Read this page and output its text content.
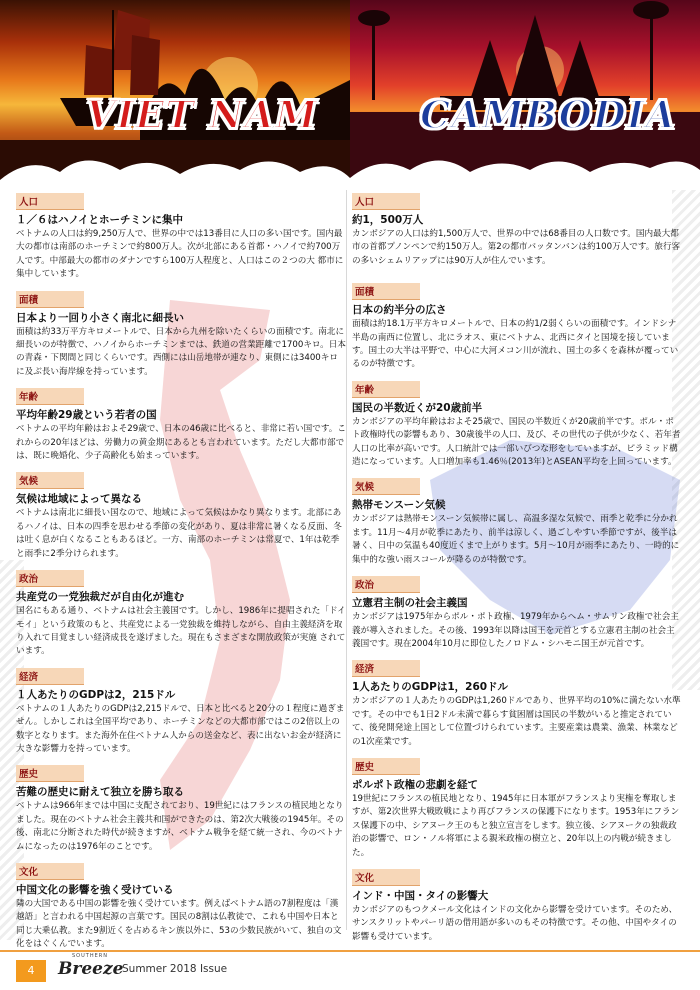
VIET NAM	CAMBODIA
人口
１／６はハノイとホーチミンに集中

ベトナムの人口は約9,250万人で、世界の中では13番目に人口の多い国です。国内最大の都市は南部のホーチミンで約800万人。次が北部にある首都・ハノイで約700万人です。中部最大の都市のダナンですら100万人程度と、人口はこの２つの大 都市に集中しています。

面積
日本より一回り小さく南北に細長い

面積は約33万平方キロメートルで、日本から九州を除いたくらいの面積です。南北に細長いのが特徴で、ハノイからホーチミンまでは、鉄道の営業距離で1700キロ。日本の青森・下関間と同じくらいです。西側には山岳地帯が連なり、東側には3400キロに及ぶ長い海岸線を持っています。

年齢
平均年齢29歳という若者の国

ベトナムの平均年齢はおよそ29歳で、日本の46歳に比べると、非常に若い国です。これからの20年ほどは、労働力の黄金期にあるとも言われています。ただし大都市部では、既に晩婚化、少子高齢化も始まっています。

気候
気候は地域によって異なる

ベトナムは南北に細長い国なので、地域によって気候はかなり異なります。北部にあるハノイは、日本の四季を思わせる季節の変化があり、夏は非常に暑くなる反面、冬は吐く息が白くなることもあるほど。一方、南部のホーチミンは常夏で、1年は乾季と雨季に2季分けられます。

政治
共産党の一党独裁だが自由化が進む

国名にもある通り、ベトナムは社会主義国です。しかし、1986年に提唱された「ドイモイ」という政策のもと、共産党による一党独裁を維持しながら、自由主義経済を取り入れて目覚ましい経済成長を遂げました。現在もさまざまな開放政策が実施 されています。

経済
１人あたりのGDPは2，215ドル

ベトナムの１人あたりのGDPは2,215ドルで、日本と比べると20分の１程度に過ぎません。しかしこれは全国平均であり、ホーチミンなどの大都市部ではこの2倍以上の数字となります。また海外在住ベトナム人からの送金など、表に出ないお金が経済に大きな影響力を持っています。

歴史
苦難の歴史に耐えて独立を勝ち取る

ベトナムは966年までは中国に支配されており、19世紀にはフランスの植民地となりました。現在のベトナム社会主義共和国ができたのは、第2次大戦後の1945年。その後、南北に分断された時代が続きますが、ベトナム戦争を経て統一され、今のベトナムになったのは1976年のことです。

文化
中国文化の影響を強く受けている

隣の大国である中国の影響を強く受けています。例えばベトナム語の7割程度は「漢越語」と言われる中国起源の言葉です。国民の8割は仏教徒で、これも中国や日本と同じ大乗仏教。また9割近くを占めるキン族以外に、53の少数民族がいて、独自の文化をはぐくんでいます。

人口
約1，500万人

カンボジアの人口は約1,500万人で、世界の中では68番目の人口数です。国内最大都市の首都プノンペンで約150万人。第2の都市バッタンバンは約100万人です。旅行客の多いシェムリアップには90万人が住んでいます。

面積
日本の約半分の広さ

面積は約18.1万平方キロメートルで、日本の約1/2弱くらいの面積です。インドシナ半島の南西に位置し、北にラオス、東にベトナム、北西にタイと国境を接しています。国土の大半は平野で、中心に大河メコン川が流れ、国土の多くを森林が覆っているのが特徴です。

年齢
国民の半数近くが20歳前半

カンボジアの平均年齢はおよそ25歳で、国民の半数近くが20歳前半です。ポル・ポト政権時代の影響もあり、30歳後半の人口、及び、その世代の子供が少なく、若年者人口の比率が高いです。人口統計では一部いびつな形をしていますが、ピラミッド構造になっています。人口増加率も1.46％(2013年)とASEAN平均を上回っています。

気候
熱帯モンスーン気候

カンボジアは熱帯モンスーン気候帯に属し、高温多湿な気候で、雨季と乾季に分かれます。11月～4月が乾季にあたり、前半は涼しく、過ごしやすい季節ですが、後半は暑く、日中の気温も40度近くまで上がります。5月～10月が雨季にあたり、一時的に集中的な強い雨スコールが降るのが特徴です。

政治
立憲君主制の社会主義国

カンボジアは1975年からポル・ポト政権、1979年からヘム・サムリン政権で社会主義が導入されました。その後、1993年以降は国王を元首とする立憲君主制の社会主義国です。現在2004年10月に即位したノロドム・シハモニ国王が元首です。

経済
1人あたりのGDPは1，260ドル

カンボジアの１人あたりのGDPは1,260ドルであり、世界平均の10%に満たない水準です。その中でも1日2ドル未満で暮らす貧困層は国民の半数がいると推定されていて、後発開発途上国として位置づけられています。主要産業は農業、漁業、林業などの1次産業です。

歴史
ポルポト政権の悲劇を経て

19世紀にフランスの植民地となり、1945年に日本軍がフランスより実権を奪取しますが、第2次世界大戦敗戦により再びフランスの保護下になります。1953年にフランス保護下の中、シアヌーク王のもと独立宣言をします。独立後、シアヌークの独裁政治の影響で、ロン・ノル将軍による親米政権の樹立と、20年以上の内戦が続きました。

文化
インド・中国・タイの影響大

カンボジアのもつクメール文化はインドの文化から影響を受けています。そのため、サンスクリットやパーリ語の借用語が多いのもその特徴です。その他、中国やタイの影響も受けています。

4
SOUTHERN
Breeze
Summer 2018 Issue
